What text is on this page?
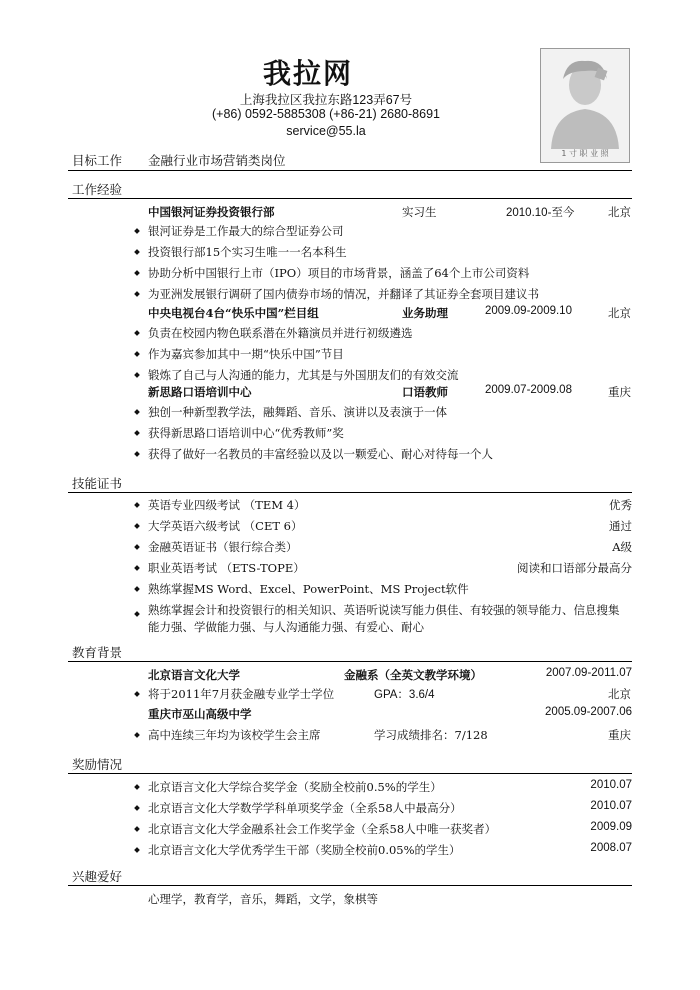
我拉网
上海我拉区我拉东路123弄67号
(+86) 0592-5885308 (+86-21) 2680-8691
service@55.la
1 寸 职 业 照
目标工作 金融行业市场营销类岗位
工作经验
中国银河证券投资银行部	实习生	2010.10-至今	北京
银河证券是工作最大的综合型证券公司
投资银行部15个实习生唯一一名本科生
协助分析中国银行上市（IPO）项目的市场背景，涵盖了64个上市公司资料
为亚洲发展银行调研了国内债券市场的情况，并翻译了其证券全套项目建议书
中央电视台4台“快乐中国”栏目组	业务助理	2009.09-2009.10	北京
负责在校园内物色联系潜在外籍演员并进行初级遴选
作为嘉宾参加其中一期“快乐中国”节目
锻炼了自己与人沟通的能力，尤其是与外国朋友们的有效交流
新思路口语培训中心	口语教师	2009.07-2009.08	重庆
独创一种新型教学法，融舞蹈、音乐、演讲以及表演于一体
获得新思路口语培训中心“优秀教师”奖
获得了做好一名教员的丰富经验以及以一颗爱心、耐心对待每一个人
技能证书
英语专业四级考试 （TEM 4）	优秀
大学英语六级考试 （CET 6）	通过
金融英语证书（银行综合类）	A级
职业英语考试 （ETS-TOPE）	阅读和口语部分最高分
熟练掌握MS Word、Excel、PowerPoint、MS Project软件
熟练掌握会计和投资银行的相关知识、英语听说读写能力俱佳、有较强的领导能力、信息搜集
能力强、学做能力强、与人沟通能力强、有爱心、耐心
教育背景
北京语言文化大学	金融系（全英文教学环境）	2007.09-2011.07
将于2011年7月获金融专业学士学位	GPA：3.6/4	北京
重庆市巫山高级中学	2005.09-2007.06
高中连续三年均为该校学生会主席	学习成绩排名：7/128	重庆
奖励情况
北京语言文化大学综合奖学金（奖励全校前0.5%的学生）	2010.07
北京语言文化大学数学学科单项奖学金（全系58人中最高分）	2010.07
北京语言文化大学金融系社会工作奖学金（全系58人中唯一获奖者）	2009.09
北京语言文化大学优秀学生干部（奖励全校前0.05%的学生）	2008.07
兴趣爱好
心理学，教育学，音乐，舞蹈，文学，象棋等
